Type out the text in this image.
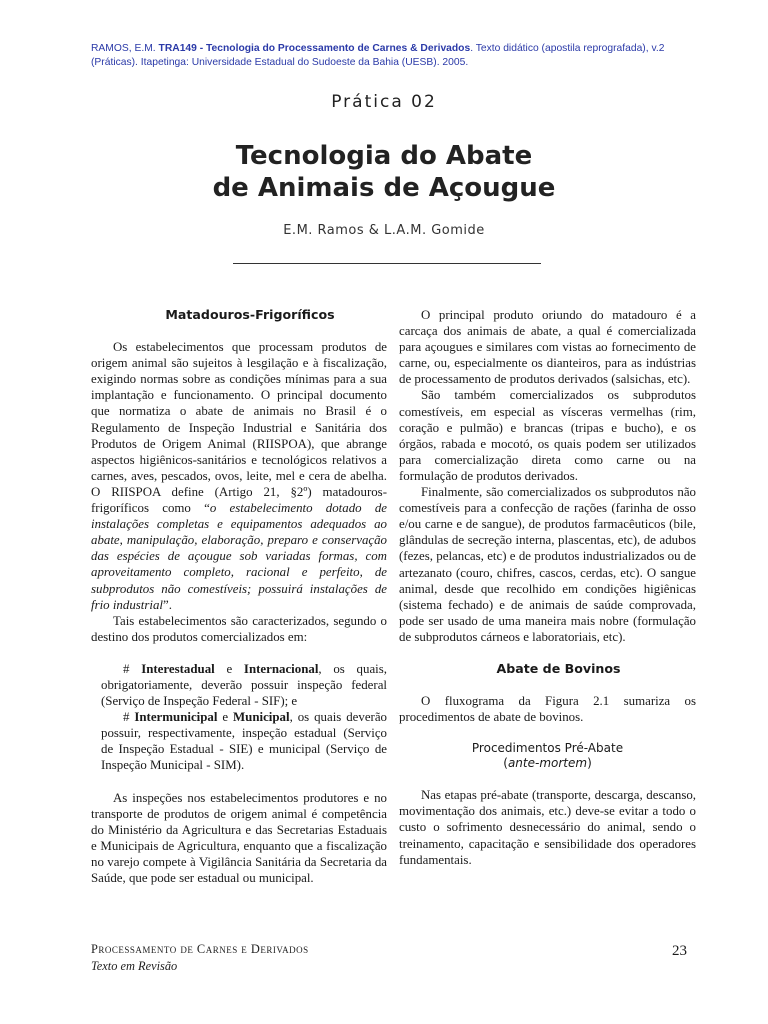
RAMOS, E.M. TRA149 - Tecnologia do Processamento de Carnes & Derivados. Texto didático (apostila reprografada), v.2 (Práticas). Itapetinga: Universidade Estadual do Sudoeste da Bahia (UESB). 2005.
Prática 02
Tecnologia do Abate
de Animais de Açougue
E.M. Ramos & L.A.M. Gomide

Matadouros-Frigoríficos

Os estabelecimentos que processam produtos de origem animal são sujeitos à lesgilação e à fiscalização, exigindo normas sobre as condições mínimas para a sua implantação e funcionamento. O principal documento que normatiza o abate de animais no Brasil é o Regulamento de Inspeção Industrial e Sanitária dos Produtos de Origem Animal (RIISPOA), que abrange aspectos higiênicos-sanitários e tecnológicos relativos a carnes, aves, pescados, ovos, leite, mel e cera de abelha. O RIISPOA define (Artigo 21, §2º) matadouros-frigoríficos como “o estabelecimento dotado de instalações completas e equipamentos adequados ao abate, manipulação, elaboração, preparo e conservação das espécies de açougue sob variadas formas, com aproveitamento completo, racional e perfeito, de subprodutos não comestíveis; possuirá instalações de frio industrial”.

Tais estabelecimentos são caracterizados, segundo o destino dos produtos comercializados em:

# Interestadual e Internacional, os quais, obrigatoriamente, deverão possuir inspeção federal (Serviço de Inspeção Federal - SIF); e

# Intermunicipal e Municipal, os quais deverão possuir, respectivamente, inspeção estadual (Serviço de Inspeção Estadual - SIE) e municipal (Serviço de Inspeção Municipal - SIM).

As inspeções nos estabelecimentos produtores e no transporte de produtos de origem animal é competência do Ministério da Agricultura e das Secretarias Estaduais e Municipais de Agricultura, enquanto que a fiscalização no varejo compete à Vigilância Sanitária da Secretaria da Saúde, que pode ser estadual ou municipal.

O principal produto oriundo do matadouro é a carcaça dos animais de abate, a qual é comercializada para açougues e similares com vistas ao fornecimento de carne, ou, especialmente os dianteiros, para as indústrias de processamento de produtos derivados (salsichas, etc).

São também comercializados os subprodutos comestíveis, em especial as vísceras vermelhas (rim, coração e pulmão) e brancas (tripas e bucho), e os órgãos, rabada e mocotó, os quais podem ser utilizados para comercialização direta como carne ou na formulação de produtos derivados.

Finalmente, são comercializados os subprodutos não comestíveis para a confecção de rações (farinha de osso e/ou carne e de sangue), de produtos farmacêuticos (bile, glândulas de secreção interna, plascentas, etc), de adubos (fezes, pelancas, etc) e de produtos industrializados ou de artezanato (couro, chifres, cascos, cerdas, etc). O sangue animal, desde que recolhido em condições higiênicas (sistema fechado) e de animais de saúde comprovada, pode ser usado de uma maneira mais nobre (formulação de subprodutos cárneos e laboratoriais, etc).

Abate de Bovinos

O fluxograma da Figura 2.1 sumariza os procedimentos de abate de bovinos.

Procedimentos Pré-Abate
(ante-mortem)

Nas etapas pré-abate (transporte, descarga, descanso, movimentação dos animais, etc.) deve-se evitar a todo o custo o sofrimento desnecessário do animal, sendo o treinamento, capacitação e sensibilidade dos operadores fundamentais.

Processamento de Carnes e Derivados
Texto em Revisão
23
